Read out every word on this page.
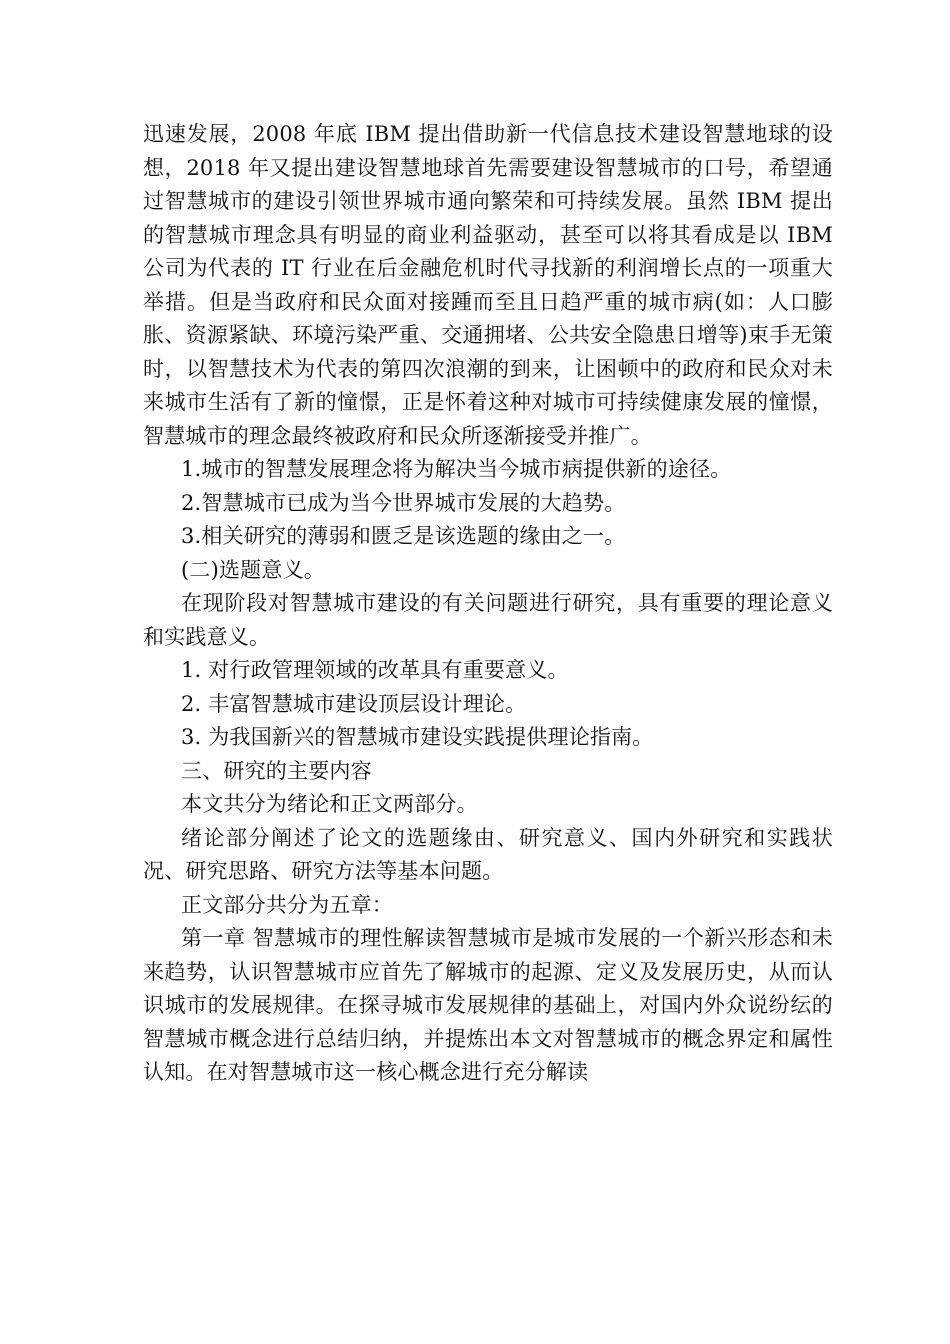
迅速发展，2008 年底 IBM 提出借助新一代信息技术建设智慧地球的设想，2018 年又提出建设智慧地球首先需要建设智慧城市的口号，希望通过智慧城市的建设引领世界城市通向繁荣和可持续发展。虽然 IBM 提出的智慧城市理念具有明显的商业利益驱动，甚至可以将其看成是以 IBM 公司为代表的 IT 行业在后金融危机时代寻找新的利润增长点的一项重大举措。但是当政府和民众面对接踵而至且日趋严重的城市病(如：人口膨胀、资源紧缺、环境污染严重、交通拥堵、公共安全隐患日增等)束手无策时，以智慧技术为代表的第四次浪潮的到来，让困顿中的政府和民众对未来城市生活有了新的憧憬，正是怀着这种对城市可持续健康发展的憧憬，智慧城市的理念最终被政府和民众所逐渐接受并推广。

1.城市的智慧发展理念将为解决当今城市病提供新的途径。

2.智慧城市已成为当今世界城市发展的大趋势。

3.相关研究的薄弱和匮乏是该选题的缘由之一。

(二)选题意义。

在现阶段对智慧城市建设的有关问题进行研究，具有重要的理论意义和实践意义。

1. 对行政管理领域的改革具有重要意义。

2. 丰富智慧城市建设顶层设计理论。

3. 为我国新兴的智慧城市建设实践提供理论指南。

三、研究的主要内容

本文共分为绪论和正文两部分。

绪论部分阐述了论文的选题缘由、研究意义、国内外研究和实践状况、研究思路、研究方法等基本问题。

正文部分共分为五章：

第一章 智慧城市的理性解读智慧城市是城市发展的一个新兴形态和未来趋势，认识智慧城市应首先了解城市的起源、定义及发展历史，从而认识城市的发展规律。在探寻城市发展规律的基础上，对国内外众说纷纭的智慧城市概念进行总结归纳，并提炼出本文对智慧城市的概念界定和属性认知。在对智慧城市这一核心概念进行充分解读
